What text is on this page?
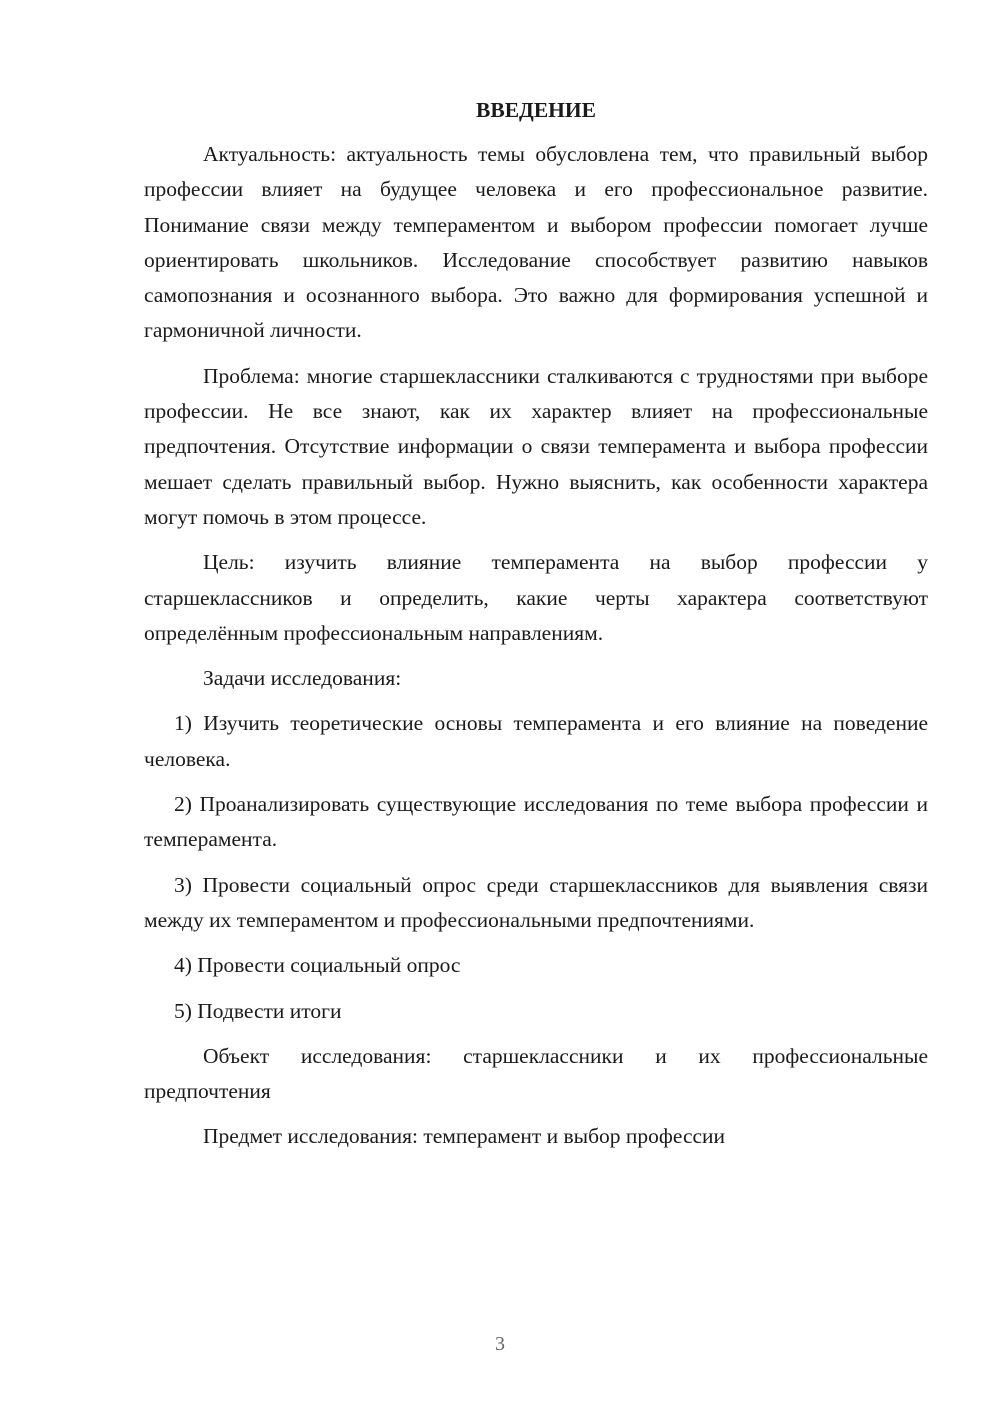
ВВЕДЕНИЕ

Актуальность: актуальность темы обусловлена тем, что правильный выбор профессии влияет на будущее человека и его профессиональное развитие. Понимание связи между темпераментом и выбором профессии помогает лучше ориентировать школьников. Исследование способствует развитию навыков самопознания и осознанного выбора. Это важно для формирования успешной и гармоничной личности.

Проблема: многие старшеклассники сталкиваются с трудностями при выборе профессии. Не все знают, как их характер влияет на профессиональные предпочтения. Отсутствие информации о связи темперамента и выбора профессии мешает сделать правильный выбор. Нужно выяснить, как особенности характера могут помочь в этом процессе.

Цель: изучить влияние темперамента на выбор профессии у старшеклассников и определить, какие черты характера соответствуют определённым профессиональным направлениям.

Задачи исследования:

1) Изучить теоретические основы темперамента и его влияние на поведение человека.

2) Проанализировать существующие исследования по теме выбора профессии и темперамента.

3) Провести социальный опрос среди старшеклассников для выявления связи между их темпераментом и профессиональными предпочтениями.

4) Провести социальный опрос

5) Подвести итоги

Объект исследования: старшеклассники и их профессиональные предпочтения

Предмет исследования: темперамент и выбор профессии

3
